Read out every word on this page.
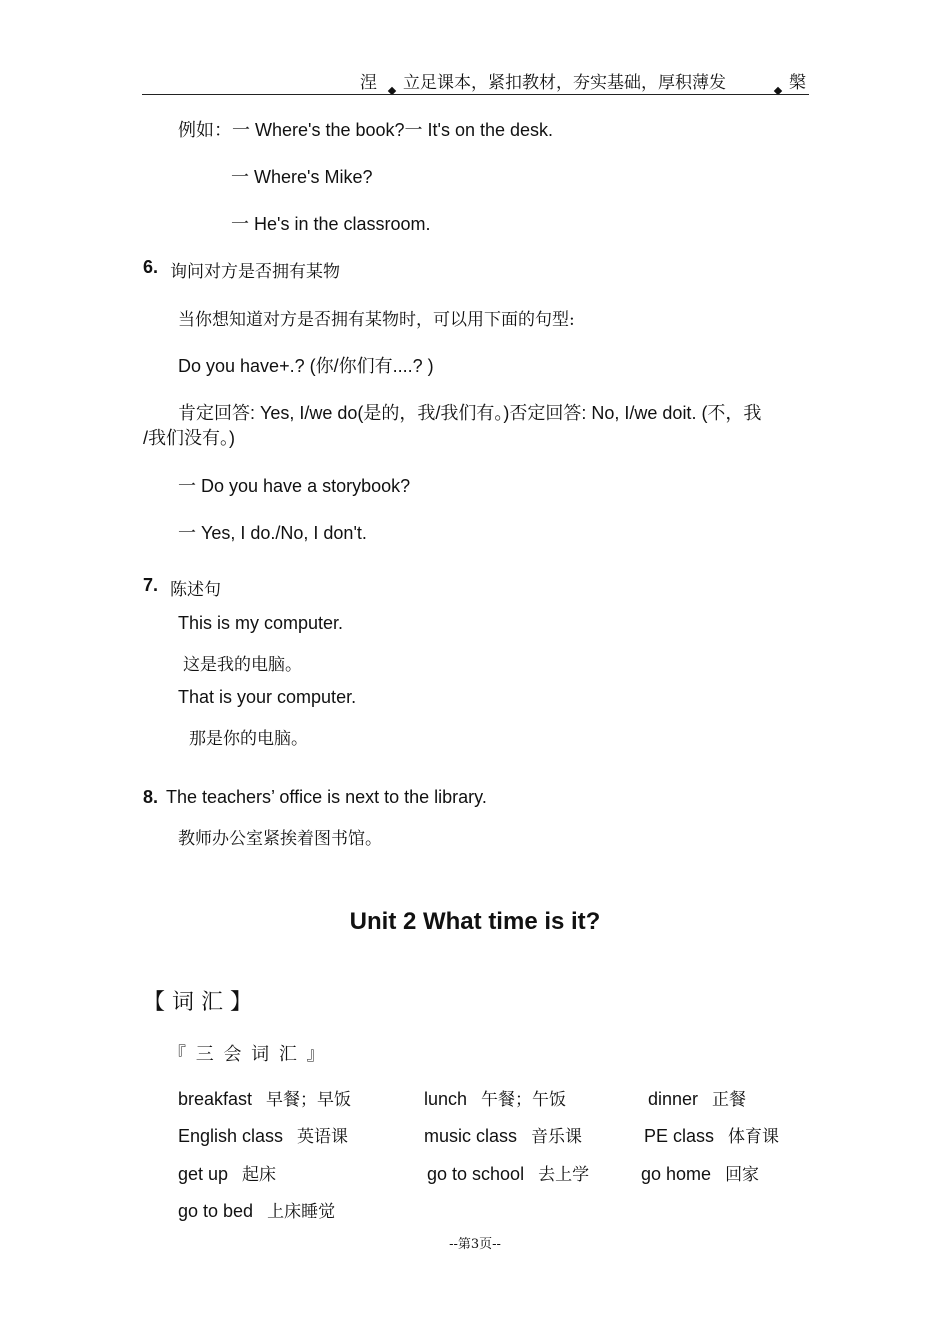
涅 立足课本，紧扣教材，夯实基础，厚积薄发	槃
例如：一 Where's the book?一 It's on the desk.
一 Where's Mike?
一 He's in the classroom.
6. 询问对方是否拥有某物
当你想知道对方是否拥有某物时，可以用下面的句型:
Do you have+.? (你/你们有....? )
肯定回答: Yes, I/we do(是的，我/我们有。)否定回答: No, I/we doit. (不，我
/我们没有。)
一 Do you have a storybook?
一 Yes, I do./No, I don't.
7. 陈述句
This is my computer.
这是我的电脑。
That is your computer.
那是你的电脑。
8. The teachers’ office is next to the library.
教师办公室紧挨着图书馆。
Unit 2 What time is it?
【 词 汇 】
『 三 会 词 汇 』
breakfast 早餐；早饭	lunch 午餐；午饭	dinner 正餐
English class 英语课	music class 音乐课	PE class 体育课
get up 起床	go to school 去上学	go home 回家
go to bed 上床睡觉
--第3页--
